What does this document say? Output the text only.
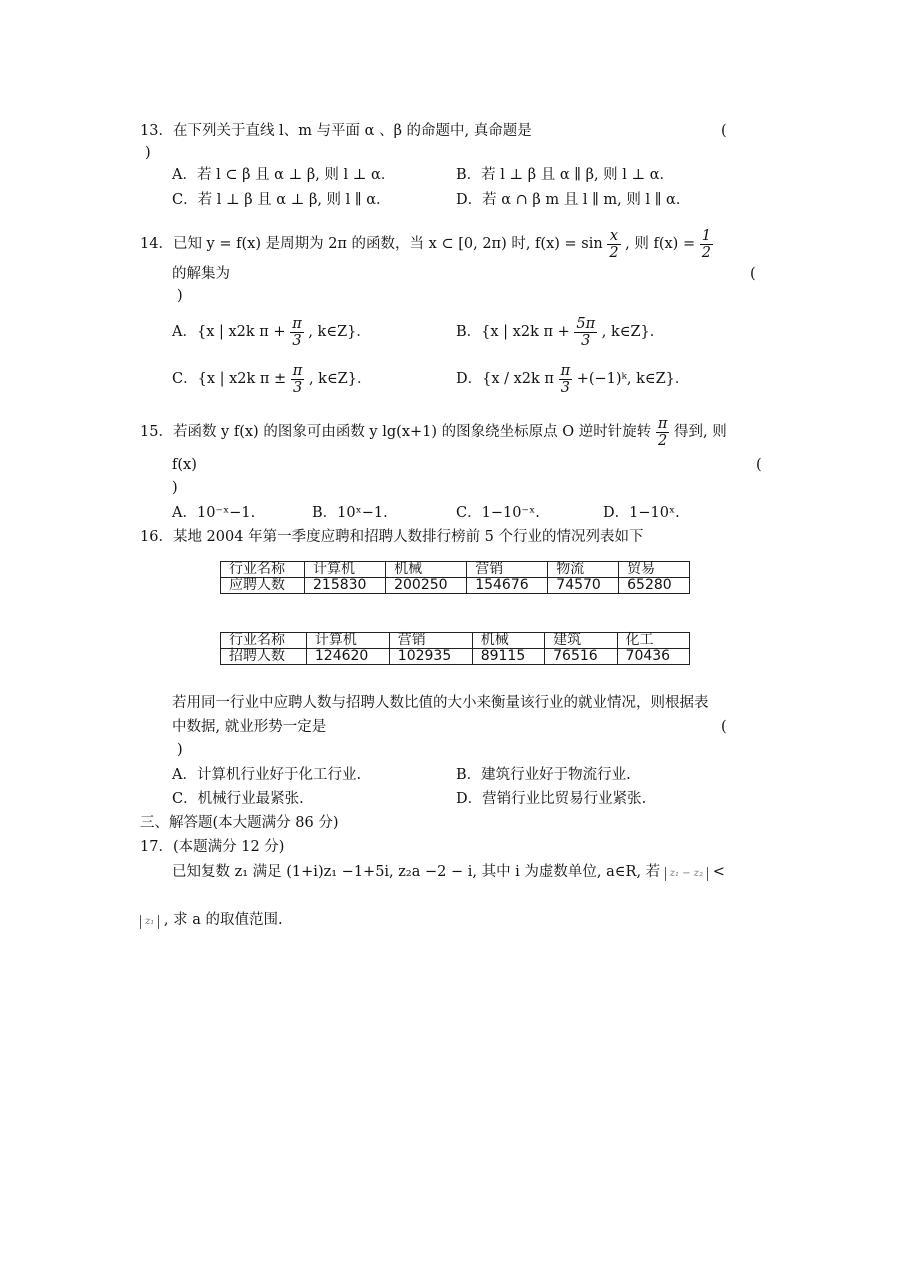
13．在下列关于直线 l、m 与平面 α 、β 的命题中, 真命题是	(
)
A．若 l ⊂ β 且 α ⊥ β, 则 l ⊥ α．	B．若 l ⊥ β 且 α ∥ β, 则 l ⊥ α．
C．若 l ⊥ β 且 α ⊥ β, 则 l ∥ α．	D．若 α ∩ β m 且 l ∥ m, 则 l ∥ α．
14．已知 y = f(x) 是周期为 2π 的函数，当 x ⊂ [0, 2π) 时, $f(x) = \sin \frac{x}{2}$ , 则 $f(x) = \frac{1}{2}$
的解集为	(
)
A．{x | x2k $\pi + \frac{\pi}{3}$ , k∈Z}．	B．{x | x2k $\pi + \frac{5\pi}{3}$ , k∈Z}．
C．{x | x2k $\pi \pm \frac{\pi}{3}$ , k∈Z}．	D．{x / x2k π $\frac{\pi}{3}$ +(−1)ᵏ, k∈Z}．
15．若函数 y f(x) 的图象可由函数 y lg(x+1) 的图象绕坐标原点 O 逆时针旋转 $\frac{\pi}{2}$ 得到, 则
f(x)	(
)
A．10⁻ˣ−1.	B．10ˣ−1.	C．1−10⁻ˣ.	D．1−10ˣ.
16．某地 2004 年第一季度应聘和招聘人数排行榜前 5 个行业的情况列表如下
行业名称	计算机	机械	营销	物流	贸易
应聘人数	215830	200250	154676	74570	65280
行业名称	计算机	营销	机械	建筑	化工
招聘人数	124620	102935	89115	76516	70436
若用同一行业中应聘人数与招聘人数比值的大小来衡量该行业的就业情况，则根据表
中数据, 就业形势一定是	(
)
A．计算机行业好于化工行业.	B．建筑行业好于物流行业.
C．机械行业最紧张.	D．营销行业比贸易行业紧张.
三、解答题(本大题满分 86 分)
17．(本题满分 12 分)
已知复数 z₁ 满足 (1+i)z₁ −1+5i, z₂a −2 − i, 其中 i 为虚数单位, a∈R, 若 z₁ − z₂ <
z₁ , 求 a 的取值范围.
